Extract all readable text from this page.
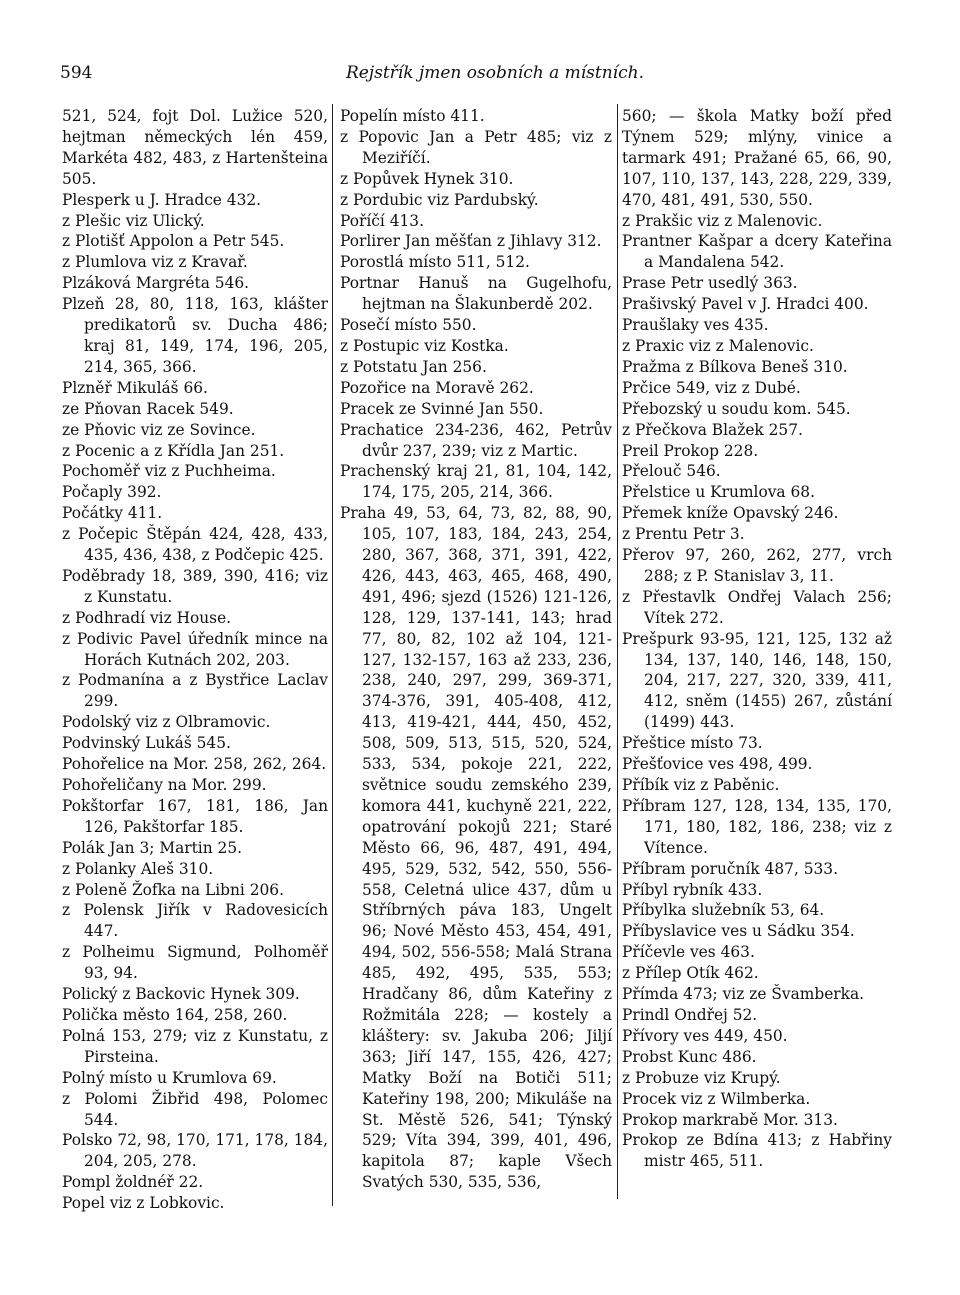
594	Rejstřík jmen osobních a místních.
521, 524, fojt Dol. Lužice 520, hejtman německých lén 459, Markéta 482, 483, z Hartenšteina 505.
Plesperk u J. Hradce 432.
z Plešic viz Ulický.
z Plotišť Appolon a Petr 545.
z Plumlova viz z Kravař.
Plzáková Margréta 546.
Plzeň 28, 80, 118, 163, klášter predikatorů sv. Ducha 486; kraj 81, 149, 174, 196, 205, 214, 365, 366.
Plzněř Mikuláš 66.
ze Pňovan Racek 549.
ze Pňovic viz ze Sovince.
z Pocenic a z Křídla Jan 251.
Pochoměř viz z Puchheima.
Počaply 392.
Počátky 411.
z Počepic Štěpán 424, 428, 433, 435, 436, 438, z Podčepic 425.
Poděbrady 18, 389, 390, 416; viz z Kunstatu.
z Podhradí viz House.
z Podivic Pavel úředník mince na Horách Kutnách 202, 203.
z Podmanína a z Bystřice Laclav 299.
Podolský viz z Olbramovic.
Podvinský Lukáš 545.
Pohořelice na Mor. 258, 262, 264.
Pohořeličany na Mor. 299.
Pokštorfar 167, 181, 186, Jan 126, Pakštorfar 185.
Polák Jan 3; Martin 25.
z Polanky Aleš 310.
z Poleně Žofka na Libni 206.
z Polensk Jiřík v Radovesicích 447.
z Polheimu Sigmund, Polhoměř 93, 94.
Polický z Backovic Hynek 309.
Polička město 164, 258, 260.
Polná 153, 279; viz z Kunstatu, z Pirsteina.
Polný místo u Krumlova 69.
z Polomi Žibřid 498, Polomec 544.
Polsko 72, 98, 170, 171, 178, 184, 204, 205, 278.
Pompl žoldnéř 22.
Popel viz z Lobkovic.
Popelín místo 411.
z Popovic Jan a Petr 485; viz z Meziříčí.
z Popůvek Hynek 310.
z Pordubic viz Pardubský.
Poříčí 413.
Porlirer Jan měšťan z Jihlavy 312.
Porostlá místo 511, 512.
Portnar Hanuš na Gugelhofu, hejtman na Šlakunberdě 202.
Posečí místo 550.
z Postupic viz Kostka.
z Potstatu Jan 256.
Pozořice na Moravě 262.
Pracek ze Svinné Jan 550.
Prachatice 234-236, 462, Petrův dvůr 237, 239; viz z Martic.
Prachenský kraj 21, 81, 104, 142, 174, 175, 205, 214, 366.
Praha 49, 53, 64, 73, 82, 88, 90, 105, 107, 183, 184, 243, 254, 280, 367, 368, 371, 391, 422, 426, 443, 463, 465, 468, 490, 491, 496; sjezd (1526) 121-126, 128, 129, 137-141, 143; hrad 77, 80, 82, 102 až 104, 121-127, 132-157, 163 až 233, 236, 238, 240, 297, 299, 369-371, 374-376, 391, 405-408, 412, 413, 419-421, 444, 450, 452, 508, 509, 513, 515, 520, 524, 533, 534, pokoje 221, 222, světnice soudu zemského 239, komora 441, kuchyně 221, 222, opatrování pokojů 221; Staré Město 66, 96, 487, 491, 494, 495, 529, 532, 542, 550, 556-558, Celetná ulice 437, dům u Stříbrných páva 183, Ungelt 96; Nové Město 453, 454, 491, 494, 502, 556-558; Malá Strana 485, 492, 495, 535, 553; Hradčany 86, dům Kateřiny z Rožmitála 228; — kostely a kláštery: sv. Jakuba 206; Jiljí 363; Jiří 147, 155, 426, 427; Matky Boží na Botiči 511; Kateřiny 198, 200; Mikuláše na St. Městě 526, 541; Týnský 529; Víta 394, 399, 401, 496, kapitola 87; kaple Všech Svatých 530, 535, 536,
560; — škola Matky boží před Týnem 529; mlýny, vinice a tarmark 491; Pražané 65, 66, 90, 107, 110, 137, 143, 228, 229, 339, 470, 481, 491, 530, 550.
z Prakšic viz z Malenovic.
Prantner Kašpar a dcery Kateřina a Mandalena 542.
Prase Petr usedlý 363.
Prašivský Pavel v J. Hradci 400.
Praušlaky ves 435.
z Praxic viz z Malenovic.
Pražma z Bílkova Beneš 310.
Prčice 549, viz z Dubé.
Přebozský u soudu kom. 545.
z Přečkova Blažek 257.
Preil Prokop 228.
Přelouč 546.
Přelstice u Krumlova 68.
Přemek kníže Opavský 246.
z Prentu Petr 3.
Přerov 97, 260, 262, 277, vrch 288; z P. Stanislav 3, 11.
z Přestavlk Ondřej Valach 256; Vítek 272.
Prešpurk 93-95, 121, 125, 132 až 134, 137, 140, 146, 148, 150, 204, 217, 227, 320, 339, 411, 412, sněm (1455) 267, zůstání (1499) 443.
Přeštice místo 73.
Přešťovice ves 498, 499.
Příbík viz z Paběnic.
Příbram 127, 128, 134, 135, 170, 171, 180, 182, 186, 238; viz z Vítence.
Příbram poručník 487, 533.
Příbyl rybník 433.
Příbylka služebník 53, 64.
Příbyslavice ves u Sádku 354.
Příčevle ves 463.
z Přílep Otík 462.
Přímda 473; viz ze Švamberka.
Prindl Ondřej 52.
Přívory ves 449, 450.
Probst Kunc 486.
z Probuze viz Krupý.
Procek viz z Wilmberka.
Prokop markrabě Mor. 313.
Prokop ze Bdína 413; z Habřiny mistr 465, 511.
